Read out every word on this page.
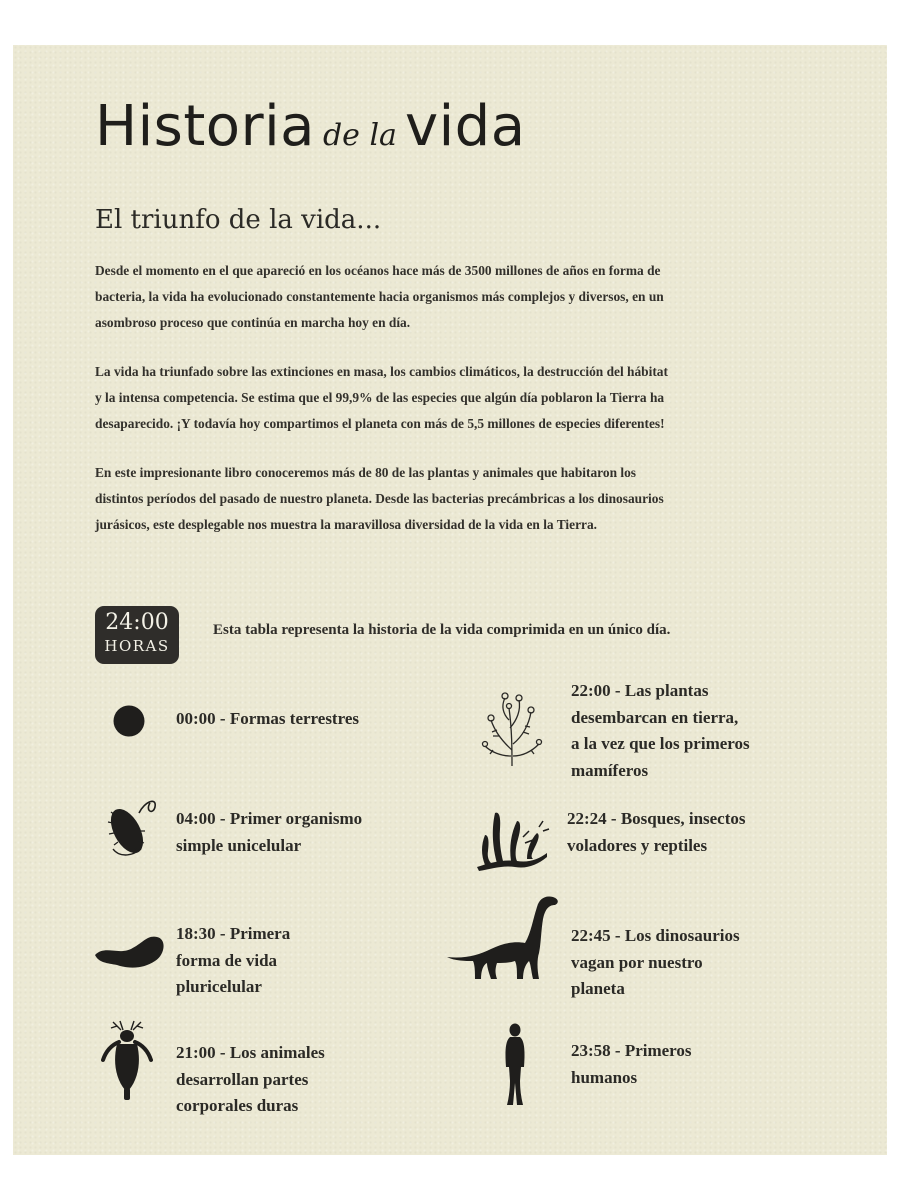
Historia de la vida
El triunfo de la vida...

Desde el momento en el que apareció en los océanos hace más de 3500 millones de años en forma de
bacteria, la vida ha evolucionado constantemente hacia organismos más complejos y diversos, en un
asombroso proceso que continúa en marcha hoy en día.

La vida ha triunfado sobre las extinciones en masa, los cambios climáticos, la destrucción del hábitat
y la intensa competencia. Se estima que el 99,9% de las especies que algún día poblaron la Tierra ha
desaparecido. ¡Y todavía hoy compartimos el planeta con más de 5,5 millones de especies diferentes!

En este impresionante libro conoceremos más de 80 de las plantas y animales que habitaron los
distintos períodos del pasado de nuestro planeta. Desde las bacterias precámbricas a los dinosaurios
jurásicos, este desplegable nos muestra la maravillosa diversidad de la vida en la Tierra.

24:00
HORAS
Esta tabla representa la historia de la vida comprimida en un único día.
00:00 - Formas terrestres
04:00 - Primer organismo
simple unicelular
18:30 - Primera
forma de vida
pluricelular
21:00 - Los animales
desarrollan partes
corporales duras
22:00 - Las plantas
desembarcan en tierra,
a la vez que los primeros
mamíferos
22:24 - Bosques, insectos
voladores y reptiles
22:45 - Los dinosaurios
vagan por nuestro
planeta
23:58 - Primeros
humanos
